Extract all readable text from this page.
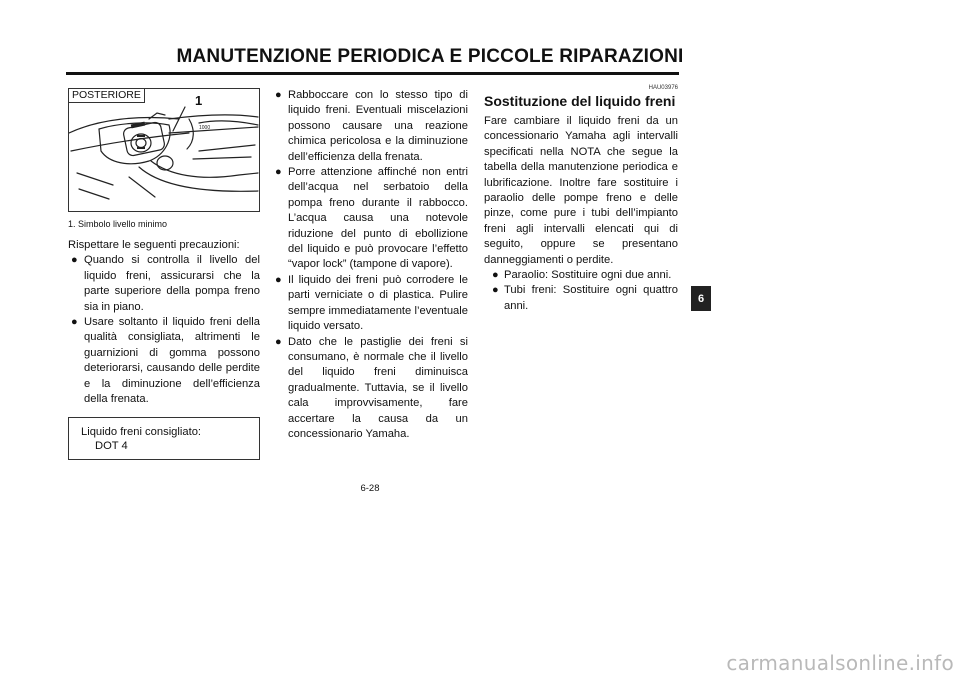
MANUTENZIONE PERIODICA E PICCOLE RIPARAZIONI
1000
POSTERIORE	1
1. Simbolo livello minimo

Rispettare le seguenti precauzioni:

● Quando si controlla il livello del liquido freni, assicurarsi che la parte superiore della pompa freno sia in piano.
● Usare soltanto il liquido freni della qualità consigliata, altrimenti le guarnizioni di gomma possono deteriorarsi, causando delle perdite e la diminuzione dell’efficienza della frenata.
Liquido freni consigliato:
DOT 4
● Rabboccare con lo stesso tipo di liquido freni. Eventuali miscelazioni possono causare una reazione chimica pericolosa e la diminuzione dell’efficienza della frenata.
● Porre attenzione affinché non entri dell’acqua nel serbatoio della pompa freno durante il rabbocco. L’acqua causa una notevole riduzione del punto di ebollizione del liquido e può provocare l’effetto “vapor lock” (tampone di vapore).
● Il liquido dei freni può corrodere le parti verniciate o di plastica. Pulire sempre immediatamente l’eventuale liquido versato.
● Dato che le pastiglie dei freni si consumano, è normale che il livello del liquido freni diminuisca gradualmente. Tuttavia, se il livello cala improvvisamente, fare accertare la causa da un concessionario Yamaha.
HAU03976
Sostituzione del liquido freni

Fare cambiare il liquido freni da un concessionario Yamaha agli intervalli specificati nella NOTA che segue la tabella della manutenzione periodica e lubrificazione. Inoltre fare sostituire i paraolio delle pompe freno e delle pinze, come pure i tubi dell’impianto freni agli intervalli elencati qui di seguito, oppure se presentano danneggiamenti o perdite.

● Paraolio: Sostituire ogni due anni.
● Tubi freni: Sostituire ogni quattro anni.
6
6-28
carmanualsonline.info
